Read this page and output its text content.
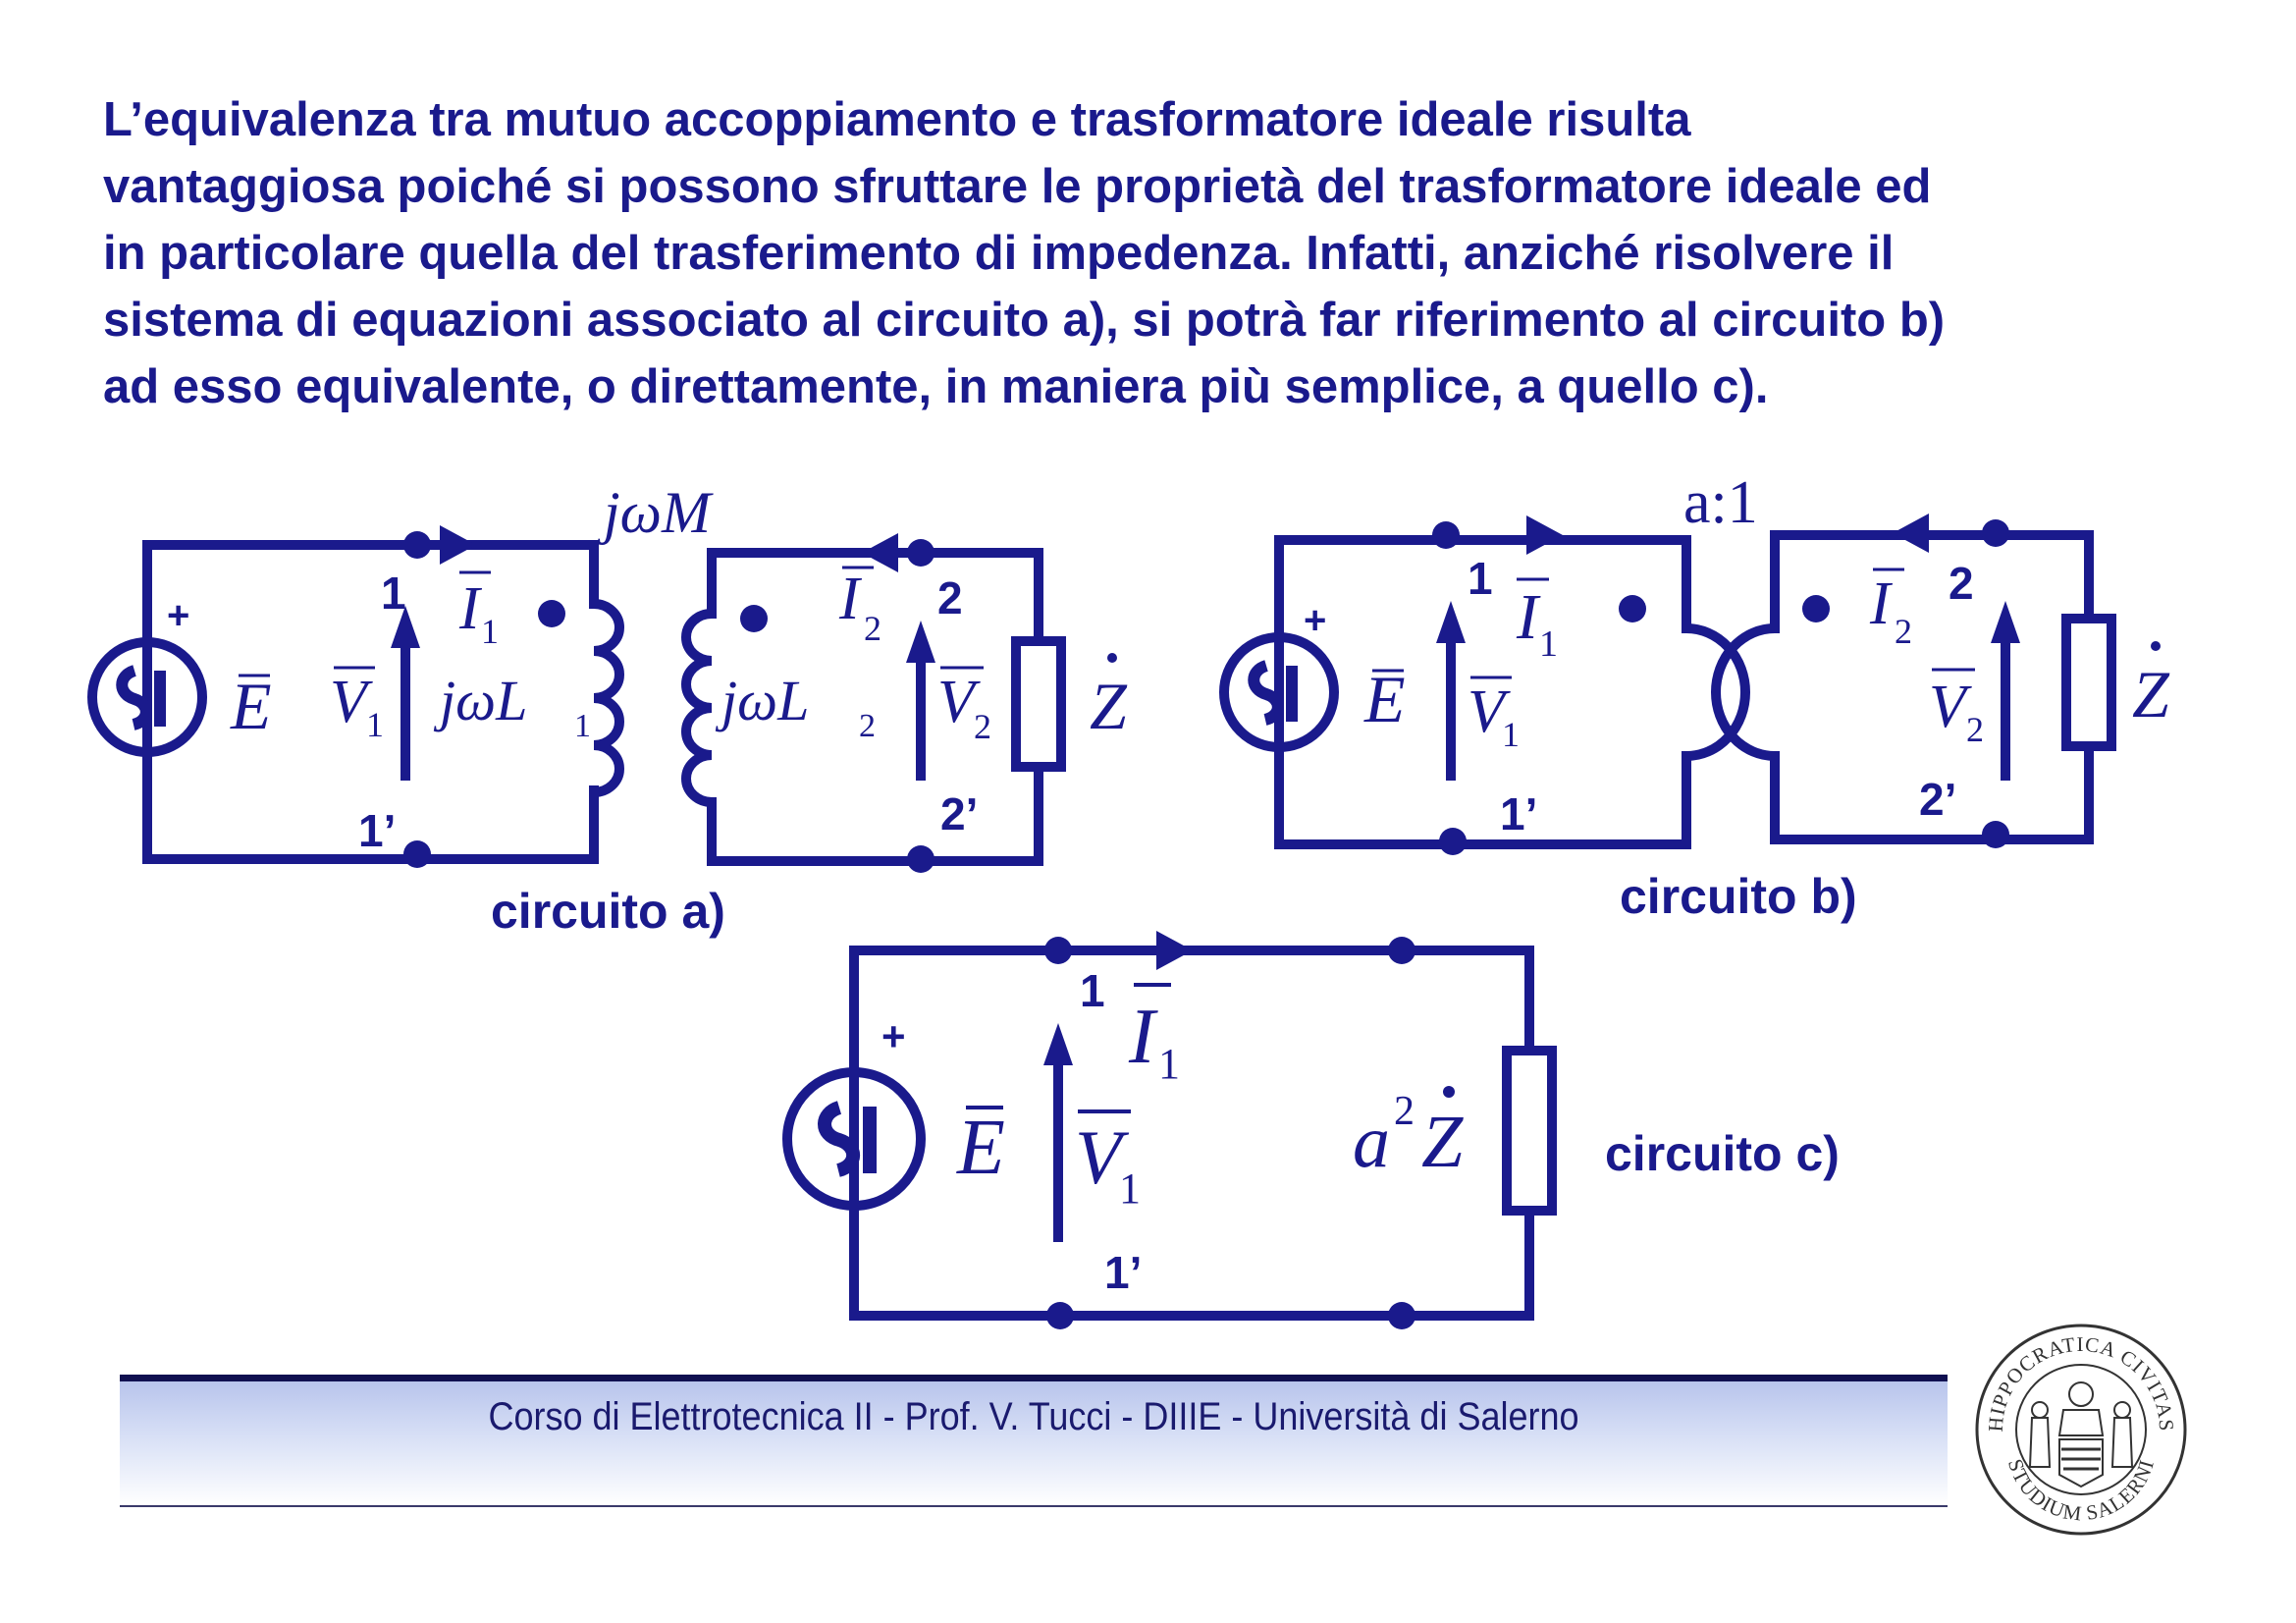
L’equivalenza tra mutuo accoppiamento e trasformatore ideale risulta
vantaggiosa poiché si possono sfruttare le proprietà del trasformatore ideale ed
in particolare quella del trasferimento di impedenza. Infatti, anziché risolvere il
sistema di equazioni associato al circuito a), si potrà far riferimento al circuito b)
ad esso equivalente, o direttamente, in maniera più semplice, a quello c).

+	1
1’
2
2’
E V 1
I 1
jωL 1
jωM
jωL 2
I 2
V 2 Z
circuito a)
+
1
1’
2
2’
a:1
E V
1
I 1
I 2
V 2 Z
circuito b)
+
1
1’
E V
1
I 1
a 2 Z	circuito c)
Corso di Elettrotecnica II - Prof. V. Tucci - DIIIE - Università di Salerno	HIPPOCRATICA CIVITAS
STUDIUM SALERNI
